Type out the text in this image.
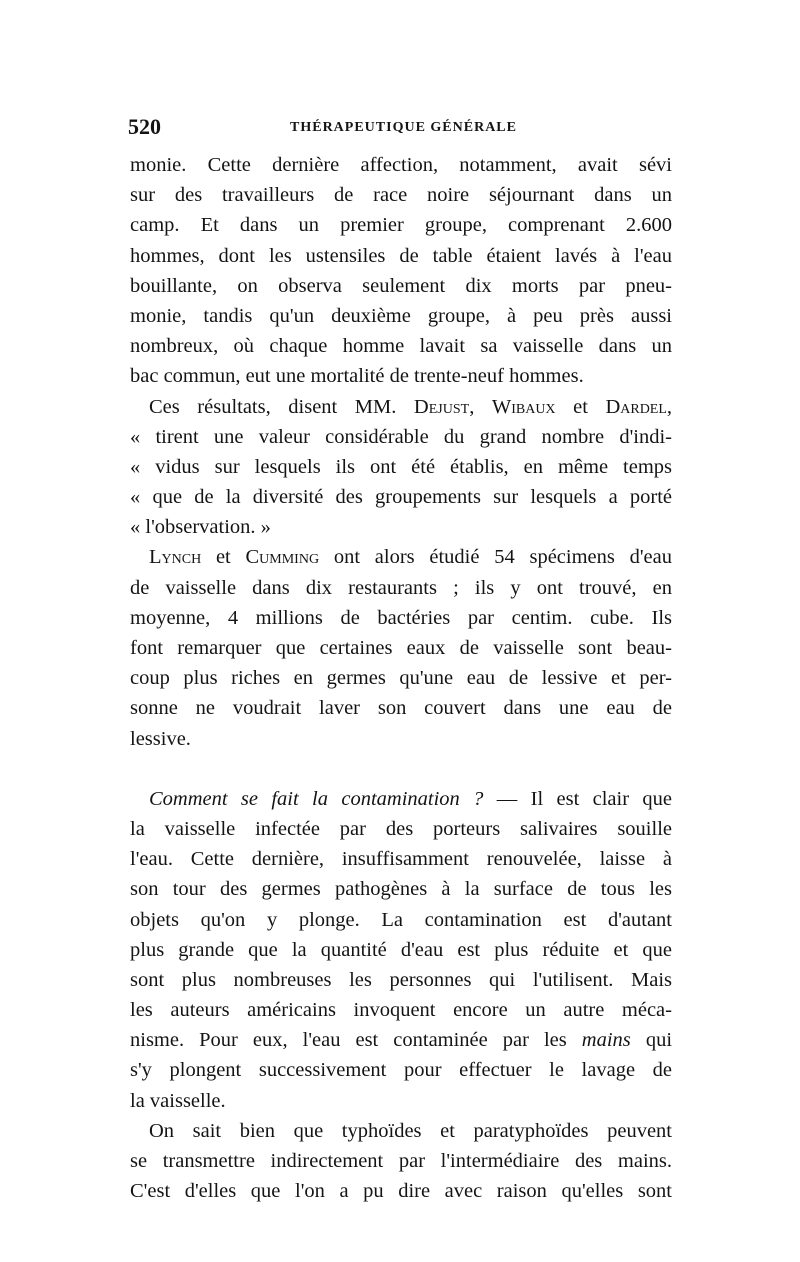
520	THÉRAPEUTIQUE GÉNÉRALE
monie. Cette dernière affection, notamment, avait sévi
sur des travailleurs de race noire séjournant dans un
camp. Et dans un premier groupe, comprenant 2.600
hommes, dont les ustensiles de table étaient lavés à l'eau
bouillante, on observa seulement dix morts par pneu-
monie, tandis qu'un deuxième groupe, à peu près aussi
nombreux, où chaque homme lavait sa vaisselle dans un
bac commun, eut une mortalité de trente-neuf hommes.
Ces résultats, disent MM. Dejust, Wibaux et Dardel,
« tirent une valeur considérable du grand nombre d'indi-
« vidus sur lesquels ils ont été établis, en même temps
« que de la diversité des groupements sur lesquels a porté
« l'observation. »
Lynch et Cumming ont alors étudié 54 spécimens d'eau
de vaisselle dans dix restaurants ; ils y ont trouvé, en
moyenne, 4 millions de bactéries par centim. cube. Ils
font remarquer que certaines eaux de vaisselle sont beau-
coup plus riches en germes qu'une eau de lessive et per-
sonne ne voudrait laver son couvert dans une eau de
lessive.
Comment se fait la contamination ? — Il est clair que
la vaisselle infectée par des porteurs salivaires souille
l'eau. Cette dernière, insuffisamment renouvelée, laisse à
son tour des germes pathogènes à la surface de tous les
objets qu'on y plonge. La contamination est d'autant
plus grande que la quantité d'eau est plus réduite et que
sont plus nombreuses les personnes qui l'utilisent. Mais
les auteurs américains invoquent encore un autre méca-
nisme. Pour eux, l'eau est contaminée par les mains qui
s'y plongent successivement pour effectuer le lavage de
la vaisselle.
On sait bien que typhoïdes et paratyphoïdes peuvent
se transmettre indirectement par l'intermédiaire des mains.
C'est d'elles que l'on a pu dire avec raison qu'elles sont
